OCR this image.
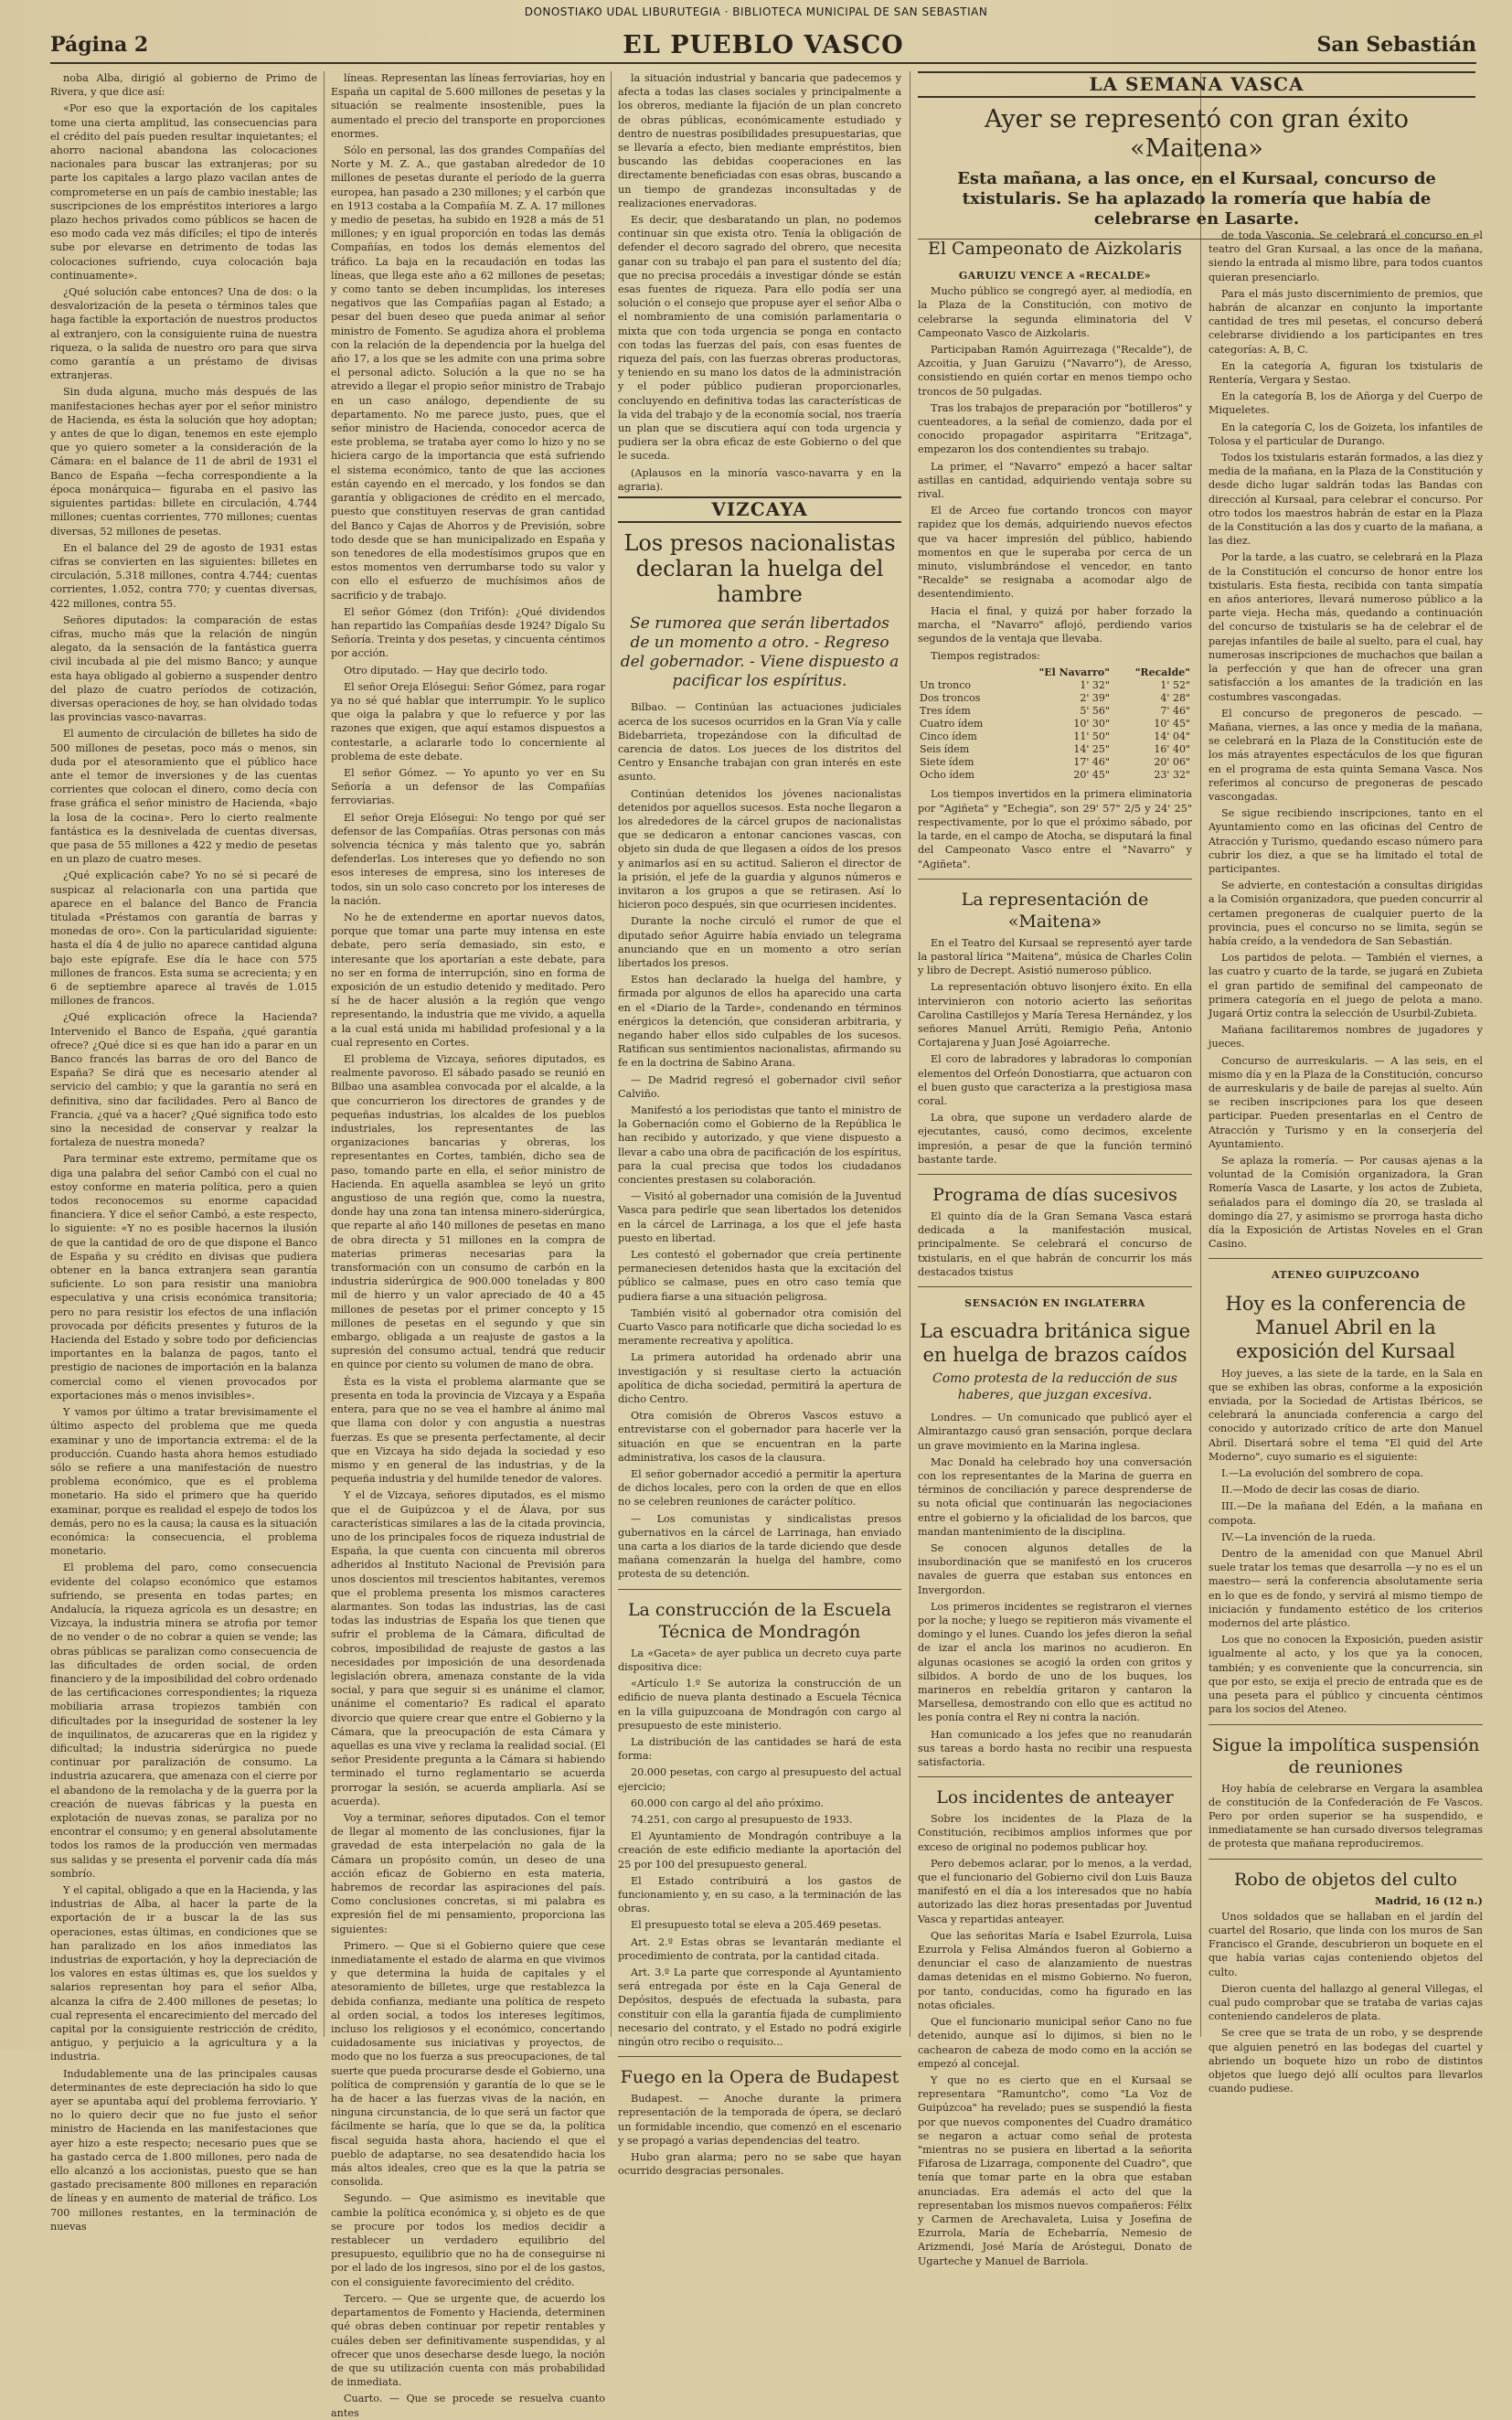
DONOSTIAKO UDAL LIBURUTEGIA · BIBLIOTECA MUNICIPAL DE SAN SEBASTIAN
Página 2	EL PUEBLO VASCO	San Sebastián

noba Alba, dirigió al gobierno de Primo de Rivera, y que dice así:

«Por eso que la exportación de los capitales tome una cierta amplitud, las consecuencias para el crédito del país pueden resultar inquietantes; el ahorro nacional abandona las colocaciones nacionales para buscar las extranjeras; por su parte los capitales a largo plazo vacilan antes de comprometerse en un país de cambio inestable; las suscripciones de los empréstitos interiores a largo plazo hechos privados como públicos se hacen de eso modo cada vez más difíciles; el tipo de interés sube por elevarse en detrimento de todas las colocaciones sufriendo, cuya colocación baja continuamente».

¿Qué solución cabe entonces? Una de dos: o la desvalorización de la peseta o términos tales que haga factible la exportación de nuestros productos al extranjero, con la consiguiente ruina de nuestra riqueza, o la salida de nuestro oro para que sirva como garantía a un préstamo de divisas extranjeras.

Sin duda alguna, mucho más después de las manifestaciones hechas ayer por el señor ministro de Hacienda, es ésta la solución que hoy adoptan; y antes de que lo digan, tenemos en este ejemplo que yo quiero someter a la consideración de la Cámara: en el balance de 11 de abril de 1931 el Banco de España —fecha correspondiente a la época monárquica— figuraba en el pasivo las siguientes partidas: billete en circulación, 4.744 millones; cuentas corrientes, 770 millones; cuentas diversas, 52 millones de pesetas.

En el balance del 29 de agosto de 1931 estas cifras se convierten en las siguientes: billetes en circulación, 5.318 millones, contra 4.744; cuentas corrientes, 1.052, contra 770; y cuentas diversas, 422 millones, contra 55.

Señores diputados: la comparación de estas cifras, mucho más que la relación de ningún alegato, da la sensación de la fantástica guerra civil incubada al pie del mismo Banco; y aunque esta haya obligado al gobierno a suspender dentro del plazo de cuatro períodos de cotización, diversas operaciones de hoy, se han olvidado todas las provincias vasco-navarras.

El aumento de circulación de billetes ha sido de 500 millones de pesetas, poco más o menos, sin duda por el atesoramiento que el público hace ante el temor de inversiones y de las cuentas corrientes que colocan el dinero, como decía con frase gráfica el señor ministro de Hacienda, «bajo la losa de la cocina». Pero lo cierto realmente fantástica es la desnivelada de cuentas diversas, que pasa de 55 millones a 422 y medio de pesetas en un plazo de cuatro meses.

¿Qué explicación cabe? Yo no sé si pecaré de suspicaz al relacionarla con una partida que aparece en el balance del Banco de Francia titulada «Préstamos con garantía de barras y monedas de oro». Con la particularidad siguiente: hasta el día 4 de julio no aparece cantidad alguna bajo este epígrafe. Ese día le hace con 575 millones de francos. Esta suma se acrecienta; y en 6 de septiembre aparece al través de 1.015 millones de francos.

¿Qué explicación ofrece la Hacienda? Intervenido el Banco de España, ¿qué garantía ofrece? ¿Qué dice si es que han ido a parar en un Banco francés las barras de oro del Banco de España? Se dirá que es necesario atender al servicio del cambio; y que la garantía no será en definitiva, sino dar facilidades. Pero al Banco de Francia, ¿qué va a hacer? ¿Qué significa todo esto sino la necesidad de conservar y realzar la fortaleza de nuestra moneda?

Para terminar este extremo, permítame que os diga una palabra del señor Cambó con el cual no estoy conforme en materia política, pero a quien todos reconocemos su enorme capacidad financiera. Y dice el señor Cambó, a este respecto, lo siguiente: «Y no es posible hacernos la ilusión de que la cantidad de oro de que dispone el Banco de España y su crédito en divisas que pudiera obtener en la banca extranjera sean garantía suficiente. Lo son para resistir una maniobra especulativa y una crisis económica transitoria; pero no para resistir los efectos de una inflación provocada por déficits presentes y futuros de la Hacienda del Estado y sobre todo por deficiencias importantes en la balanza de pagos, tanto el prestigio de naciones de importación en la balanza comercial como el vienen provocados por exportaciones más o menos invisibles».

Y vamos por último a tratar brevisimamente el último aspecto del problema que me queda examinar y uno de importancia extrema: el de la producción. Cuando hasta ahora hemos estudiado sólo se refiere a una manifestación de nuestro problema económico, que es el problema monetario. Ha sido el primero que ha querido examinar, porque es realidad el espejo de todos los demás, pero no es la causa; la causa es la situación económica: la consecuencia, el problema monetario.

El problema del paro, como consecuencia evidente del colapso económico que estamos sufriendo, se presenta en todas partes; en Andalucía, la riqueza agrícola es un desastre; en Vizcaya, la industria minera se atrofia por temor de no vender o de no cobrar a quien se vende; las obras públicas se paralizan como consecuencia de las dificultades de orden social, de orden financiero y de la imposibilidad del cobro ordenado de las certificaciones correspondientes; la riqueza mobiliaria arrasa tropiezos también con dificultades por la inseguridad de sostener la ley de inquilinatos, de azucareras que en la rigidez y dificultad; la industria siderúrgica no puede continuar por paralización de consumo. La industria azucarera, que amenaza con el cierre por el abandono de la remolacha y de la guerra por la creación de nuevas fábricas y la puesta en explotación de nuevas zonas, se paraliza por no encontrar el consumo; y en general absolutamente todos los ramos de la producción ven mermadas sus salidas y se presenta el porvenir cada día más sombrío.

Y el capital, obligado a que en la Hacienda, y las industrias de Alba, al hacer la parte de la exportación de ir a buscar la de las sus operaciones, estas últimas, en condiciones que se han paralizado en los años inmediatos las industrias de exportación, y hoy la depreciación de los valores en estas últimas es, que los sueldos y salarios representan hoy para el señor Alba, alcanza la cifra de 2.400 millones de pesetas; lo cual representa el encarecimiento del mercado del capital por la consiguiente restricción de crédito, antiguo, y perjuicio a la agricultura y a la industria.

Indudablemente una de las principales causas determinantes de este depreciación ha sido lo que ayer se apuntaba aquí del problema ferroviario. Y no lo quiero decir que no fue justo el señor ministro de Hacienda en las manifestaciones que ayer hizo a este respecto; necesario pues que se ha gastado cerca de 1.800 millones, pero nada de ello alcanzó a los accionistas, puesto que se han gastado precisamente 800 millones en reparación de líneas y en aumento de material de tráfico. Los 700 millones restantes, en la terminación de nuevas

líneas. Representan las líneas ferroviarias, hoy en España un capital de 5.600 millones de pesetas y la situación se realmente insostenible, pues la aumentado el precio del transporte en proporciones enormes.

Sólo en personal, las dos grandes Compañías del Norte y M. Z. A., que gastaban alrededor de 10 millones de pesetas durante el período de la guerra europea, han pasado a 230 millones; y el carbón que en 1913 costaba a la Compañía M. Z. A. 17 millones y medio de pesetas, ha subido en 1928 a más de 51 millones; y en igual proporción en todas las demás Compañías, en todos los demás elementos del tráfico. La baja en la recaudación en todas las líneas, que llega este año a 62 millones de pesetas; y como tanto se deben incumplidas, los intereses negativos que las Compañías pagan al Estado; a pesar del buen deseo que pueda animar al señor ministro de Fomento. Se agudiza ahora el problema con la relación de la dependencia por la huelga del año 17, a los que se les admite con una prima sobre el personal adicto. Solución a la que no se ha atrevido a llegar el propio señor ministro de Trabajo en un caso análogo, dependiente de su departamento. No me parece justo, pues, que el señor ministro de Hacienda, conocedor acerca de este problema, se trataba ayer como lo hizo y no se hiciera cargo de la importancia que está sufriendo el sistema económico, tanto de que las acciones están cayendo en el mercado, y los fondos se dan garantía y obligaciones de crédito en el mercado, puesto que constituyen reservas de gran cantidad del Banco y Cajas de Ahorros y de Previsión, sobre todo desde que se han municipalizado en España y son tenedores de ella modestísimos grupos que en estos momentos ven derrumbarse todo su valor y con ello el esfuerzo de muchísimos años de sacrificio y de trabajo.

El señor Gómez (don Trifón): ¿Qué dividendos han repartido las Compañías desde 1924? Dígalo Su Señoría. Treinta y dos pesetas, y cincuenta céntimos por acción.

Otro diputado. — Hay que decirlo todo.

El señor Oreja Elósegui: Señor Gómez, para rogar ya no sé qué hablar que interrumpir. Yo le suplico que oiga la palabra y que lo refuerce y por las razones que exigen, que aquí estamos dispuestos a contestarle, a aclararle todo lo concerniente al problema de este debate.

El señor Gómez. — Yo apunto yo ver en Su Señoría a un defensor de las Compañías ferroviarias.

El señor Oreja Elósegui: No tengo por qué ser defensor de las Compañías. Otras personas con más solvencia técnica y más talento que yo, sabrán defenderlas. Los intereses que yo defiendo no son esos intereses de empresa, sino los intereses de todos, sin un solo caso concreto por los intereses de la nación.

No he de extenderme en aportar nuevos datos, porque que tomar una parte muy intensa en este debate, pero sería demasiado, sin esto, e interesante que los aportarían a este debate, para no ser en forma de interrupción, sino en forma de exposición de un estudio detenido y meditado. Pero sí he de hacer alusión a la región que vengo representando, la industria que me vivido, a aquella a la cual está unida mi habilidad profesional y a la cual represento en Cortes.

El problema de Vizcaya, señores diputados, es realmente pavoroso. El sábado pasado se reunió en Bilbao una asamblea convocada por el alcalde, a la que concurrieron los directores de grandes y de pequeñas industrias, los alcaldes de los pueblos industriales, los representantes de las organizaciones bancarias y obreras, los representantes en Cortes, también, dicho sea de paso, tomando parte en ella, el señor ministro de Hacienda. En aquella asamblea se leyó un grito angustioso de una región que, como la nuestra, donde hay una zona tan intensa minero-siderúrgica, que reparte al año 140 millones de pesetas en mano de obra directa y 51 millones en la compra de materias primeras necesarias para la transformación con un consumo de carbón en la industria siderúrgica de 900.000 toneladas y 800 mil de hierro y un valor apreciado de 40 a 45 millones de pesetas por el primer concepto y 15 millones de pesetas en el segundo y que sin embargo, obligada a un reajuste de gastos a la supresión del consumo actual, tendrá que reducir en quince por ciento su volumen de mano de obra.

Ésta es la vista el problema alarmante que se presenta en toda la provincia de Vizcaya y a España entera, para que no se vea el hambre al ánimo mal que llama con dolor y con angustia a nuestras fuerzas. Es que se presenta perfectamente, al decir que en Vizcaya ha sido dejada la sociedad y eso mismo y en general de las industrias, y de la pequeña industria y del humilde tenedor de valores.

Y el de Vizcaya, señores diputados, es el mismo que el de Guipúzcoa y el de Álava, por sus características similares a las de la citada provincia, uno de los principales focos de riqueza industrial de España, la que cuenta con cincuenta mil obreros adheridos al Instituto Nacional de Previsión para unos doscientos mil trescientos habitantes, veremos que el problema presenta los mismos caracteres alarmantes. Son todas las industrias, las de casi todas las industrias de España los que tienen que sufrir el problema de la Cámara, dificultad de cobros, imposibilidad de reajuste de gastos a las necesidades por imposición de una desordenada legislación obrera, amenaza constante de la vida social, y para que seguir si es unánime el clamor, unánime el comentario? Es radical el aparato divorcio que quiere crear que entre el Gobierno y la Cámara, que la preocupación de esta Cámara y aquellas es una vive y reclama la realidad social. (El señor Presidente pregunta a la Cámara si habiendo terminado el turno reglamentario se acuerda prorrogar la sesión, se acuerda ampliarla. Así se acuerda).

Voy a terminar, señores diputados. Con el temor de llegar al momento de las conclusiones, fijar la gravedad de esta interpelación no gala de la Cámara un propósito común, un deseo de una acción eficaz de Gobierno en esta materia, habremos de recordar las aspiraciones del país. Como conclusiones concretas, si mi palabra es expresión fiel de mi pensamiento, proporciona las siguientes:

Primero. — Que si el Gobierno quiere que cese inmediatamente el estado de alarma en que vivimos y que determina la huida de capitales y el atesoramiento de billetes, urge que restablezca la debida confianza, mediante una política de respeto al orden social, a todos los intereses legítimos, incluso los religiosos y el económico, concertando cuidadosamente sus iniciativas y proyectos, de modo que no los fuerza a sus preocupaciones, de tal suerte que pueda procurarse desde el Gobierno, una política de comprensión y garantía de lo que se le ha de hacer a las fuerzas vivas de la nación, en ninguna circunstancia, de lo que será un factor que fácilmente se haría, que lo que se da, la política fiscal seguida hasta ahora, haciendo el que el pueblo de adaptarse, no sea desatendido hacia los más altos ideales, creo que es la que la patria se consolida.

Segundo. — Que asimismo es inevitable que cambie la política económica y, si objeto es de que se procure por todos los medios decidir a restablecer un verdadero equilibrio del presupuesto, equilibrio que no ha de conseguirse ni por el lado de los ingresos, sino por el de los gastos, con el consiguiente favorecimiento del crédito.

Tercero. — Que se urgente que, de acuerdo los departamentos de Fomento y Hacienda, determinen qué obras deben continuar por repetir rentables y cuáles deben ser definitivamente suspendidas, y al ofrecer que unos desecharse desde luego, la noción de que su utilización cuenta con más probabilidad de inmediata.

Cuarto. — Que se procede se resuelva cuanto antes

la situación industrial y bancaria que padecemos y afecta a todas las clases sociales y principalmente a los obreros, mediante la fijación de un plan concreto de obras públicas, económicamente estudiado y dentro de nuestras posibilidades presupuestarias, que se llevaría a efecto, bien mediante empréstitos, bien buscando las debidas cooperaciones en las directamente beneficiadas con esas obras, buscando a un tiempo de grandezas inconsultadas y de realizaciones enervadoras.

Es decir, que desbaratando un plan, no podemos continuar sin que exista otro. Tenía la obligación de defender el decoro sagrado del obrero, que necesita ganar con su trabajo el pan para el sustento del día; que no precisa procedáis a investigar dónde se están esas fuentes de riqueza. Para ello podía ser una solución o el consejo que propuse ayer el señor Alba o el nombramiento de una comisión parlamentaria o mixta que con toda urgencia se ponga en contacto con todas las fuerzas del país, con esas fuentes de riqueza del país, con las fuerzas obreras productoras, y teniendo en su mano los datos de la administración y el poder público pudieran proporcionarles, concluyendo en definitiva todas las características de la vida del trabajo y de la economía social, nos traería un plan que se discutiera aquí con toda urgencia y pudiera ser la obra eficaz de este Gobierno o del que le suceda.

(Aplausos en la minoría vasco-navarra y en la agraria).

VIZCAYA
Los presos nacionalistas declaran la huelga del hambre
Se rumorea que serán libertados de un momento a otro. - Regreso del gobernador. - Viene dispuesto a pacificar los espíritus.

Bilbao. — Continúan las actuaciones judiciales acerca de los sucesos ocurridos en la Gran Vía y calle Bidebarrieta, tropezándose con la dificultad de carencia de datos. Los jueces de los distritos del Centro y Ensanche trabajan con gran interés en este asunto.

Continúan detenidos los jóvenes nacionalistas detenidos por aquellos sucesos. Esta noche llegaron a los alrededores de la cárcel grupos de nacionalistas que se dedicaron a entonar canciones vascas, con objeto sin duda de que llegasen a oídos de los presos y animarlos así en su actitud. Salieron el director de la prisión, el jefe de la guardia y algunos números e invitaron a los grupos a que se retirasen. Así lo hicieron poco después, sin que ocurriesen incidentes.

Durante la noche circuló el rumor de que el diputado señor Aguirre había enviado un telegrama anunciando que en un momento a otro serían libertados los presos.

Estos han declarado la huelga del hambre, y firmada por algunos de ellos ha aparecido una carta en el «Diario de la Tarde», condenando en términos enérgicos la detención, que consideran arbitraria, y negando haber ellos sido culpables de los sucesos. Ratifican sus sentimientos nacionalistas, afirmando su fe en la doctrina de Sabino Arana.

— De Madrid regresó el gobernador civil señor Calviño.

Manifestó a los periodistas que tanto el ministro de la Gobernación como el Gobierno de la República le han recibido y autorizado, y que viene dispuesto a llevar a cabo una obra de pacificación de los espíritus, para la cual precisa que todos los ciudadanos concientes prestasen su colaboración.

— Visitó al gobernador una comisión de la Juventud Vasca para pedirle que sean libertados los detenidos en la cárcel de Larrinaga, a los que el jefe hasta puesto en libertad.

Les contestó el gobernador que creía pertinente permaneciesen detenidos hasta que la excitación del público se calmase, pues en otro caso temía que pudiera fiarse a una situación peligrosa.

También visitó al gobernador otra comisión del Cuarto Vasco para notificarle que dicha sociedad lo es meramente recreativa y apolítica.

La primera autoridad ha ordenado abrir una investigación y si resultase cierto la actuación apolítica de dicha sociedad, permitirá la apertura de dicho Centro.

Otra comisión de Obreros Vascos estuvo a entrevistarse con el gobernador para hacerle ver la situación en que se encuentran en la parte administrativa, los casos de la clausura.

El señor gobernador accedió a permitir la apertura de dichos locales, pero con la orden de que en ellos no se celebren reuniones de carácter político.

— Los comunistas y sindicalistas presos gubernativos en la cárcel de Larrinaga, han enviado una carta a los diarios de la tarde diciendo que desde mañana comenzarán la huelga del hambre, como protesta de su detención.

La construcción de la Escuela Técnica de Mondragón

La «Gaceta» de ayer publica un decreto cuya parte dispositiva dice:

«Artículo 1.º Se autoriza la construcción de un edificio de nueva planta destinado a Escuela Técnica en la villa guipuzcoana de Mondragón con cargo al presupuesto de este ministerio.

La distribución de las cantidades se hará de esta forma:

20.000 pesetas, con cargo al presupuesto del actual ejercicio;

60.000 con cargo al del año próximo.

74.251, con cargo al presupuesto de 1933.

El Ayuntamiento de Mondragón contribuye a la creación de este edificio mediante la aportación del 25 por 100 del presupuesto general.

El Estado contribuirá a los gastos de funcionamiento y, en su caso, a la terminación de las obras.

El presupuesto total se eleva a 205.469 pesetas.

Art. 2.º Estas obras se levantarán mediante el procedimiento de contrata, por la cantidad citada.

Art. 3.º La parte que corresponde al Ayuntamiento será entregada por éste en la Caja General de Depósitos, después de efectuada la subasta, para constituir con ella la garantía fijada de cumplimiento necesario del contrato, y el Estado no podrá exigirle ningún otro recibo o requisito...

Fuego en la Opera de Budapest

Budapest. — Anoche durante la primera representación de la temporada de ópera, se declaró un formidable incendio, que comenzó en el escenario y se propagó a varias dependencias del teatro.

Hubo gran alarma; pero no se sabe que hayan ocurrido desgracias personales.

LA SEMANA VASCA
Ayer se representó con gran éxito «Maitena»
Esta mañana, a las once, en el Kursaal, concurso de txistularis. Se ha aplazado la romería que había de celebrarse en Lasarte.
El Campeonato de Aizkolaris
GARUIZU VENCE A «RECALDE»

Mucho público se congregó ayer, al mediodía, en la Plaza de la Constitución, con motivo de celebrarse la segunda eliminatoria del V Campeonato Vasco de Aizkolaris.

Participaban Ramón Aguirrezaga ("Recalde"), de Azcoitia, y Juan Garuizu ("Navarro"), de Aresso, consistiendo en quién cortar en menos tiempo ocho troncos de 50 pulgadas.

Tras los trabajos de preparación por "botilleros" y cuenteadores, a la señal de comienzo, dada por el conocido propagador aspiritarra "Eritzaga", empezaron los dos contendientes su trabajo.

La primer, el "Navarro" empezó a hacer saltar astillas en cantidad, adquiriendo ventaja sobre su rival.

El de Arceo fue cortando troncos con mayor rapidez que los demás, adquiriendo nuevos efectos que va hacer impresión del público, habiendo momentos en que le superaba por cerca de un minuto, vislumbrándose el vencedor, en tanto "Recalde" se resignaba a acomodar algo de desentendimiento.

Hacia el final, y quizá por haber forzado la marcha, el "Navarro" aflojó, perdiendo varios segundos de la ventaja que llevaba.

Tiempos registrados:
	"El Navarro"	"Recalde"
Un tronco	1' 32"	1' 52"
Dos troncos	2' 39"	4' 28"
Tres ídem	5' 56"	7' 46"
Cuatro ídem	10' 30"	10' 45"
Cinco ídem	11' 50"	14' 04"
Seis ídem	14' 25"	16' 40"
Siete ídem	17' 46"	20' 06"
Ocho ídem	20' 45"	23' 32"

Los tiempos invertidos en la primera eliminatoria por "Agiñeta" y "Echegia", son 29' 57" 2/5 y 24' 25" respectivamente, por lo que el próximo sábado, por la tarde, en el campo de Atocha, se disputará la final del Campeonato Vasco entre el "Navarro" y "Agiñeta".

La representación de «Maitena»

En el Teatro del Kursaal se representó ayer tarde la pastoral lírica "Maitena", música de Charles Colin y libro de Decrept. Asistió numeroso público.

La representación obtuvo lisonjero éxito. En ella intervinieron con notorio acierto las señoritas Carolina Castillejos y María Teresa Hernández, y los señores Manuel Arrúti, Remigio Peña, Antonio Cortajarena y Juan José Agoiarreche.

El coro de labradores y labradoras lo componían elementos del Orfeón Donostiarra, que actuaron con el buen gusto que caracteriza a la prestigiosa masa coral.

La obra, que supone un verdadero alarde de ejecutantes, causó, como decimos, excelente impresión, a pesar de que la función terminó bastante tarde.

Programa de días sucesivos

El quinto día de la Gran Semana Vasca estará dedicada a la manifestación musical, principalmente. Se celebrará el concurso de txistularis, en el que habrán de concurrir los más destacados txistus

SENSACIÓN EN INGLATERRA
La escuadra británica sigue en huelga de brazos caídos
Como protesta de la reducción de sus haberes, que juzgan excesiva.

Londres. — Un comunicado que publicó ayer el Almirantazgo causó gran sensación, porque declara un grave movimiento en la Marina inglesa.

Mac Donald ha celebrado hoy una conversación con los representantes de la Marina de guerra en términos de conciliación y parece desprenderse de su nota oficial que continuarán las negociaciones entre el gobierno y la oficialidad de los barcos, que mandan mantenimiento de la disciplina.

Se conocen algunos detalles de la insubordinación que se manifestó en los cruceros navales de guerra que estaban sus entonces en Invergordon.

Los primeros incidentes se registraron el viernes por la noche; y luego se repitieron más vivamente el domingo y el lunes. Cuando los jefes dieron la señal de izar el ancla los marinos no acudieron. En algunas ocasiones se acogió la orden con gritos y silbidos. A bordo de uno de los buques, los marineros en rebeldía gritaron y cantaron la Marsellesa, demostrando con ello que es actitud no les ponía contra el Rey ni contra la nación.

Han comunicado a los jefes que no reanudarán sus tareas a bordo hasta no recibir una respuesta satisfactoria.

Los incidentes de anteayer

Sobre los incidentes de la Plaza de la Constitución, recibimos amplios informes que por exceso de original no podemos publicar hoy.

Pero debemos aclarar, por lo menos, a la verdad, que el funcionario del Gobierno civil don Luis Bauza manifestó en el día a los interesados que no había autorizado las diez horas presentadas por Juventud Vasca y repartidas anteayer.

Que las señoritas María e Isabel Ezurrola, Luisa Ezurrola y Felisa Almándos fueron al Gobierno a denunciar el caso de alanzamiento de nuestras damas detenidas en el mismo Gobierno. No fueron, por tanto, conducidas, como ha figurado en las notas oficiales.

Que el funcionario municipal señor Cano no fue detenido, aunque así lo dijimos, si bien no le cachearon de cabeza de modo como en la acción se empezó al concejal.

Y que no es cierto que en el Kursaal se representara "Ramuntcho", como "La Voz de Guipúzcoa" ha revelado; pues se suspendió la fiesta por que nuevos componentes del Cuadro dramático se negaron a actuar como señal de protesta "mientras no se pusiera en libertad a la señorita Fifarosa de Lizarraga, componente del Cuadro", que tenía que tomar parte en la obra que estaban anunciadas. Era además el acto del que la representaban los mismos nuevos compañeros: Félix y Carmen de Arechavaleta, Luisa y Josefina de Ezurrola, María de Echebarría, Nemesio de Arizmendi, José María de Aróstegui, Donato de Ugarteche y Manuel de Barriola.

de toda Vasconia. Se celebrará el concurso en el teatro del Gran Kursaal, a las once de la mañana, siendo la entrada al mismo libre, para todos cuantos quieran presenciarlo.

Para el más justo discernimiento de premios, que habrán de alcanzar en conjunto la importante cantidad de tres mil pesetas, el concurso deberá celebrarse dividiendo a los participantes en tres categorías: A, B, C.

En la categoría A, figuran los txistularis de Rentería, Vergara y Sestao.

En la categoría B, los de Añorga y del Cuerpo de Miqueletes.

En la categoría C, los de Goizeta, los infantiles de Tolosa y el particular de Durango.

Todos los txistularis estarán formados, a las diez y media de la mañana, en la Plaza de la Constitución y desde dicho lugar saldrán todas las Bandas con dirección al Kursaal, para celebrar el concurso. Por otro todos los maestros habrán de estar en la Plaza de la Constitución a las dos y cuarto de la mañana, a las diez.

Por la tarde, a las cuatro, se celebrará en la Plaza de la Constitución el concurso de honor entre los txistularis. Esta fiesta, recibida con tanta simpatía en años anteriores, llevará numeroso público a la parte vieja. Hecha más, quedando a continuación del concurso de txistularis se ha de celebrar el de parejas infantiles de baile al suelto, para el cual, hay numerosas inscripciones de muchachos que bailan a la perfección y que han de ofrecer una gran satisfacción a los amantes de la tradición en las costumbres vascongadas.

El concurso de pregoneros de pescado. — Mañana, viernes, a las once y media de la mañana, se celebrará en la Plaza de la Constitución este de los más atrayentes espectáculos de los que figuran en el programa de esta quinta Semana Vasca. Nos referimos al concurso de pregoneras de pescado vascongadas.

Se sigue recibiendo inscripciones, tanto en el Ayuntamiento como en las oficinas del Centro de Atracción y Turismo, quedando escaso número para cubrir los diez, a que se ha limitado el total de participantes.

Se advierte, en contestación a consultas dirigidas a la Comisión organizadora, que pueden concurrir al certamen pregoneras de cualquier puerto de la provincia, pues el concurso no se limita, según se había creído, a la vendedora de San Sebastián.

Los partidos de pelota. — También el viernes, a las cuatro y cuarto de la tarde, se jugará en Zubieta el gran partido de semifinal del campeonato de primera categoría en el juego de pelota a mano. Jugará Ortiz contra la selección de Usurbil-Zubieta.

Mañana facilitaremos nombres de jugadores y jueces.

Concurso de aurreskularis. — A las seis, en el mismo día y en la Plaza de la Constitución, concurso de aurreskularis y de baile de parejas al suelto. Aún se reciben inscripciones para los que deseen participar. Pueden presentarlas en el Centro de Atracción y Turismo y en la conserjería del Ayuntamiento.

Se aplaza la romería. — Por causas ajenas a la voluntad de la Comisión organizadora, la Gran Romería Vasca de Lasarte, y los actos de Zubieta, señalados para el domingo día 20, se traslada al domingo día 27, y asimismo se prorroga hasta dicho día la Exposición de Artistas Noveles en el Gran Casino.

ATENEO GUIPUZCOANO
Hoy es la conferencia de Manuel Abril en la exposición del Kursaal

Hoy jueves, a las siete de la tarde, en la Sala en que se exhiben las obras, conforme a la exposición enviada, por la Sociedad de Artistas Ibéricos, se celebrará la anunciada conferencia a cargo del conocido y autorizado crítico de arte don Manuel Abril. Disertará sobre el tema "El quid del Arte Moderno", cuyo sumario es el siguiente:

I.—La evolución del sombrero de copa.

II.—Modo de decir las cosas de diario.

III.—De la mañana del Edén, a la mañana en compota.

IV.—La invención de la rueda.

Dentro de la amenidad con que Manuel Abril suele tratar los temas que desarrolla —y no es el un maestro— será la conferencia absolutamente seria en lo que es de fondo, y servirá al mismo tiempo de iniciación y fundamento estético de los criterios modernos del arte plástico.

Los que no conocen la Exposición, pueden asistir igualmente al acto, y los que ya la conocen, también; y es conveniente que la concurrencia, sin que por esto, se exija el precio de entrada que es de una peseta para el público y cincuenta céntimos para los socios del Ateneo.

Sigue la impolítica suspensión de reuniones

Hoy había de celebrarse en Vergara la asamblea de constitución de la Confederación de Fe Vascos. Pero por orden superior se ha suspendido, e inmediatamente se han cursado diversos telegramas de protesta que mañana reproduciremos.

Robo de objetos del culto
Madrid, 16 (12 n.)

Unos soldados que se hallaban en el jardín del cuartel del Rosario, que linda con los muros de San Francisco el Grande, descubrieron un boquete en el que había varias cajas conteniendo objetos del culto.

Dieron cuenta del hallazgo al general Villegas, el cual pudo comprobar que se trataba de varias cajas conteniendo candeleros de plata.

Se cree que se trata de un robo, y se desprende que alguien penetró en las bodegas del cuartel y abriendo un boquete hizo un robo de distintos objetos que luego dejó allí ocultos para llevarlos cuando pudiese.
